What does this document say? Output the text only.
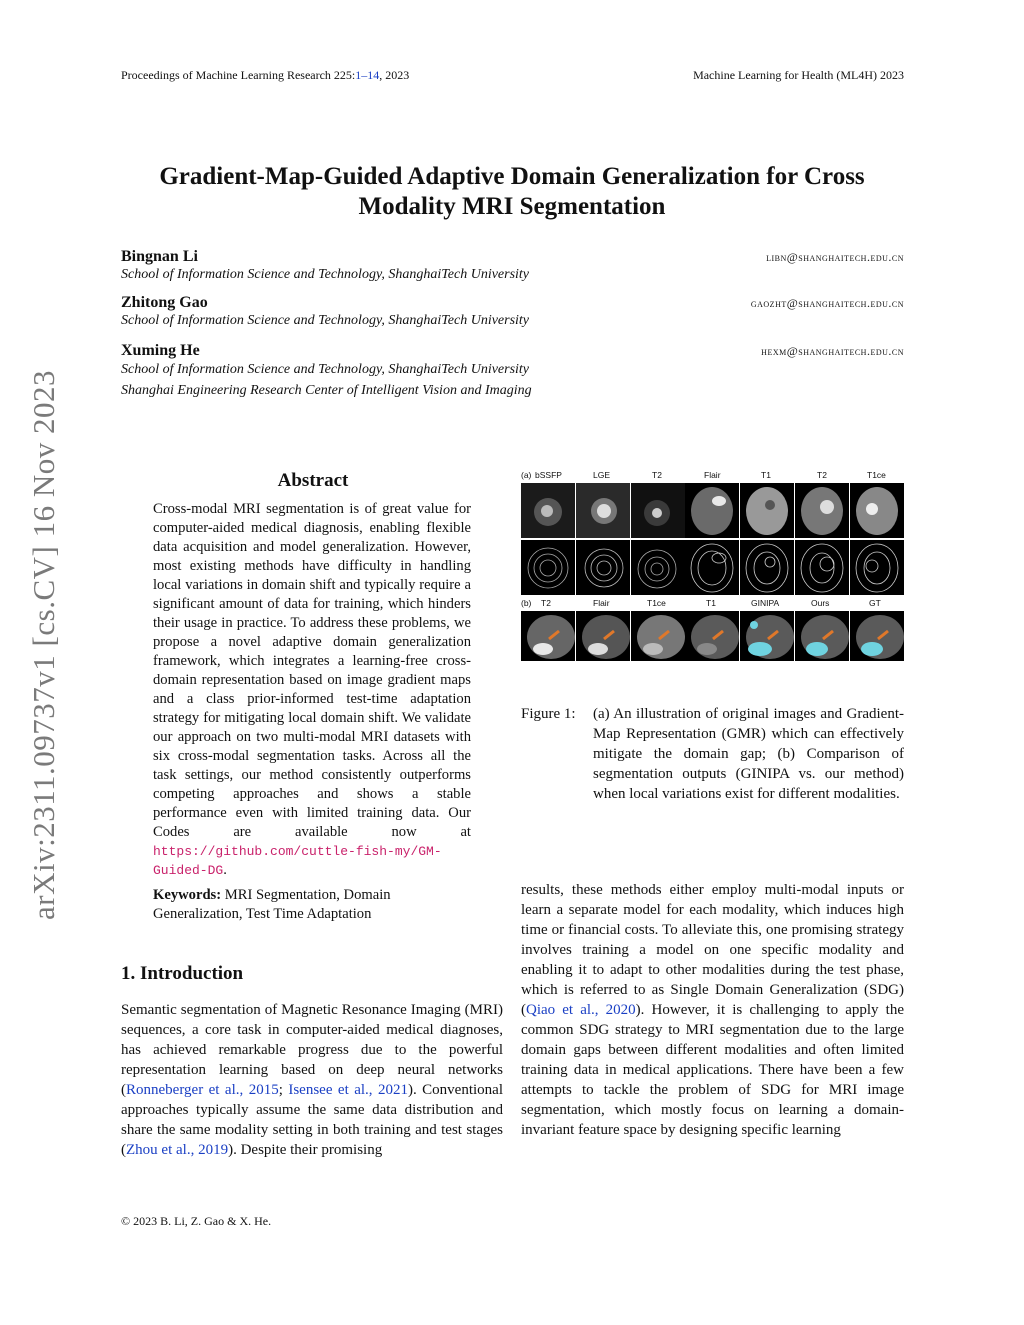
Proceedings of Machine Learning Research 225:1–14, 2023	Machine Learning for Health (ML4H) 2023
arXiv:2311.09737v1 [cs.CV] 16 Nov 2023
Gradient-Map-Guided Adaptive Domain Generalization for Cross
Modality MRI Segmentation
Bingnan Li	libn@shanghaitech.edu.cn
School of Information Science and Technology, ShanghaiTech University
Zhitong Gao	gaozht@shanghaitech.edu.cn
School of Information Science and Technology, ShanghaiTech University
Xuming He	hexm@shanghaitech.edu.cn
School of Information Science and Technology, ShanghaiTech University
Shanghai Engineering Research Center of Intelligent Vision and Imaging
Abstract
Cross-modal MRI segmentation is of great value for computer-aided medical diagnosis, enabling flexible data acquisition and model generalization. However, most existing methods have difficulty in handling local variations in domain shift and typically require a significant amount of data for training, which hinders their usage in practice. To address these problems, we propose a novel adaptive domain generalization framework, which integrates a learning-free cross-domain representation based on image gradient maps and a class prior-informed test-time adaptation strategy for mitigating local domain shift. We validate our approach on two multi-modal MRI datasets with six cross-modal segmentation tasks. Across all the task settings, our method consistently outperforms competing approaches and shows a stable performance even with limited training data. Our Codes are available now at https://github.com/cuttle-fish-my/GM-Guided-DG.
Keywords: MRI Segmentation, Domain Generalization, Test Time Adaptation
(a) bSSFP	LGE	T2	Flair	T1	T2	T1ce
(b) T2	Flair	T1ce	T1	GINIPA	Ours	GT
Figure 1:	(a) An illustration of original images and Gradient-Map Representation (GMR) which can effectively mitigate the domain gap; (b) Comparison of segmentation outputs (GINIPA vs. our method) when local variations exist for different modalities.
1. Introduction
Semantic segmentation of Magnetic Resonance Imaging (MRI) sequences, a core task in computer-aided medical diagnoses, has achieved remarkable progress due to the powerful representation learning based on deep neural networks (Ronneberger et al., 2015; Isensee et al., 2021). Conventional approaches typically assume the same data distribution and share the same modality setting in both training and test stages (Zhou et al., 2019). Despite their promising
results, these methods either employ multi-modal inputs or learn a separate model for each modality, which induces high time or financial costs. To alleviate this, one promising strategy involves training a model on one specific modality and enabling it to adapt to other modalities during the test phase, which is referred to as Single Domain Generalization (SDG) (Qiao et al., 2020). However, it is challenging to apply the common SDG strategy to MRI segmentation due to the large domain gaps between different modalities and often limited training data in medical applications. There have been a few attempts to tackle the problem of SDG for MRI image segmentation, which mostly focus on learning a domain-invariant feature space by designing specific learning
© 2023 B. Li, Z. Gao & X. He.
